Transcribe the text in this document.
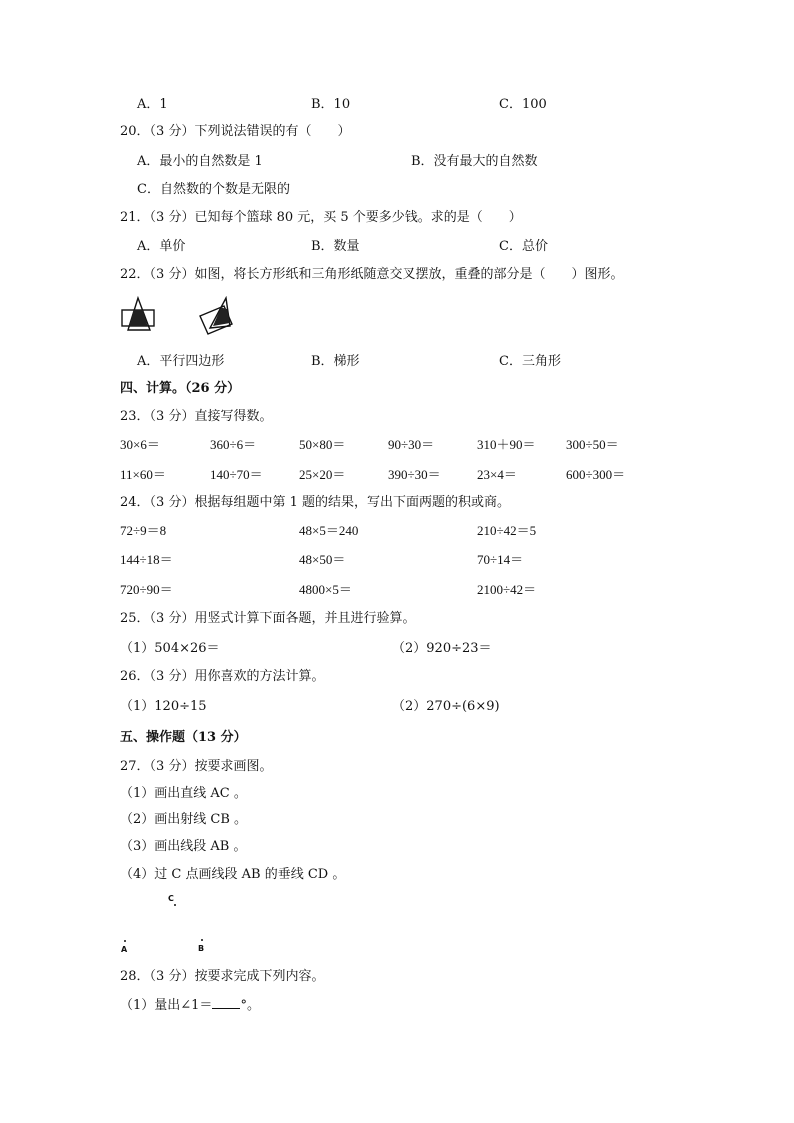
A．1	B．10	C．100
20．（3 分）下列说法错误的有（　　）
A．最小的自然数是 1	B．没有最大的自然数
C．自然数的个数是无限的
21．（3 分）已知每个篮球 80 元，买 5 个要多少钱。求的是（　　）
A．单价	B．数量	C．总价
22．（3 分）如图，将长方形纸和三角形纸随意交叉摆放，重叠的部分是（　　）图形。
A．平行四边形	B．梯形	C．三角形
四、计算。（26 分）
23．（3 分）直接写得数。
30×6＝	360÷6＝	50×80＝	90÷30＝	310＋90＝ 300÷50＝
11×60＝	140÷70＝	25×20＝	390÷30＝	23×4＝	600÷300＝
24．（3 分）根据每组题中第 1 题的结果，写出下面两题的积或商。
72÷9＝8	48×5＝240	210÷42＝5
144÷18＝	48×50＝	70÷14＝
720÷90＝	4800×5＝	2100÷42＝
25．（3 分）用竖式计算下面各题，并且进行验算。
（1）504×26＝	（2）920÷23＝
26．（3 分）用你喜欢的方法计算。
（1）120÷15	（2）270÷(6×9)
五、操作题（13 分）
27．（3 分）按要求画图。
（1）画出直线 AC 。
（2）画出射线 CB 。
（3）画出线段 AB 。
（4）过 C 点画线段 AB 的垂线 CD 。
C
A	B
28．（3 分）按要求完成下列内容。
（1）量出∠1＝ °。
